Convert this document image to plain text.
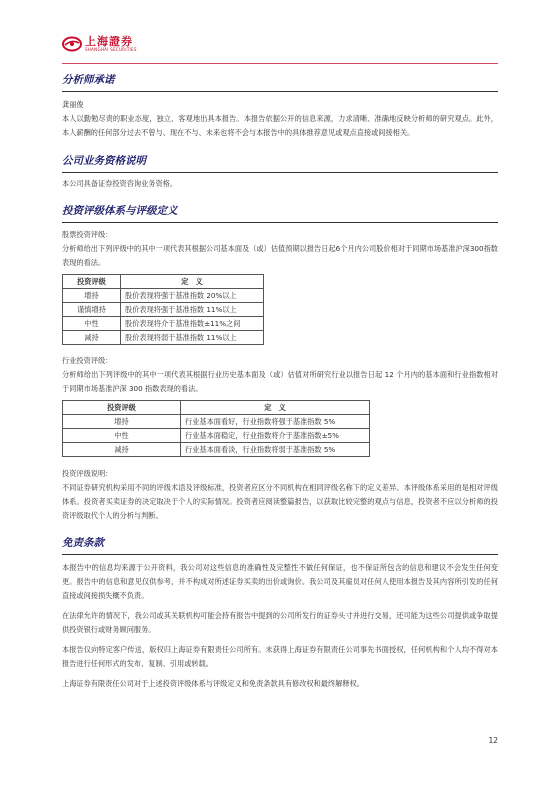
上海證券
SHANGHAI SECURITIES
分析师承诺
龚丽俊
本人以勤勉尽责的职业态度，独立、客观地出具本报告。本报告依据公开的信息来源，力求清晰、准确地反映分析师的研究观点。此外，本人薪酬的任何部分过去不曾与、现在不与、未来也将不会与本报告中的具体推荐意见或观点直接或间接相关。
公司业务资格说明
本公司具备证券投资咨询业务资格。
投资评级体系与评级定义
股票投资评级：
分析师给出下列评级中的其中一项代表其根据公司基本面及（或）估值预期以报告日起6个月内公司股价相对于同期市场基准沪深300指数表现的看法。
投资评级	定　义
增持	股价表现将强于基准指数 20%以上
谨慎增持	股价表现将强于基准指数 11%以上
中性	股价表现将介于基准指数±11%之间
减持	股价表现将弱于基准指数 11%以上
行业投资评级：
分析师给出下列评级中的其中一项代表其根据行业历史基本面及（或）估值对所研究行业以报告日起 12 个月内的基本面和行业指数相对于同期市场基准沪深 300 指数表现的看法。
投资评级	定　义
增持	行业基本面看好，行业指数将强于基准指数 5%
中性	行业基本面稳定，行业指数将介于基准指数±5%
减持	行业基本面看淡，行业指数将弱于基准指数 5%
投资评级说明：
不同证券研究机构采用不同的评级术语及评级标准，投资者应区分不同机构在相同评级名称下的定义差异。本评级体系采用的是相对评级体系。投资者买卖证券的决定取决于个人的实际情况。投资者应阅读整篇报告，以获取比较完整的观点与信息，投资者不应以分析师的投资评级取代个人的分析与判断。
免责条款
本报告中的信息均来源于公开资料，我公司对这些信息的准确性及完整性不做任何保证，也不保证所包含的信息和建议不会发生任何变更。报告中的信息和意见仅供参考，并不构成对所述证券买卖的出价或询价。我公司及其雇员对任何人使用本报告及其内容所引发的任何直接或间接损失概不负责。
在法律允许的情况下，我公司或其关联机构可能会持有报告中提到的公司所发行的证券头寸并进行交易，还可能为这些公司提供或争取提供投资银行或财务顾问服务。
本报告仅向特定客户传送，版权归上海证券有限责任公司所有。未获得上海证券有限责任公司事先书面授权，任何机构和个人均不得对本报告进行任何形式的发布、复制、引用或转载。
上海证券有限责任公司对于上述投资评级体系与评级定义和免责条款具有修改权和最终解释权。
12
